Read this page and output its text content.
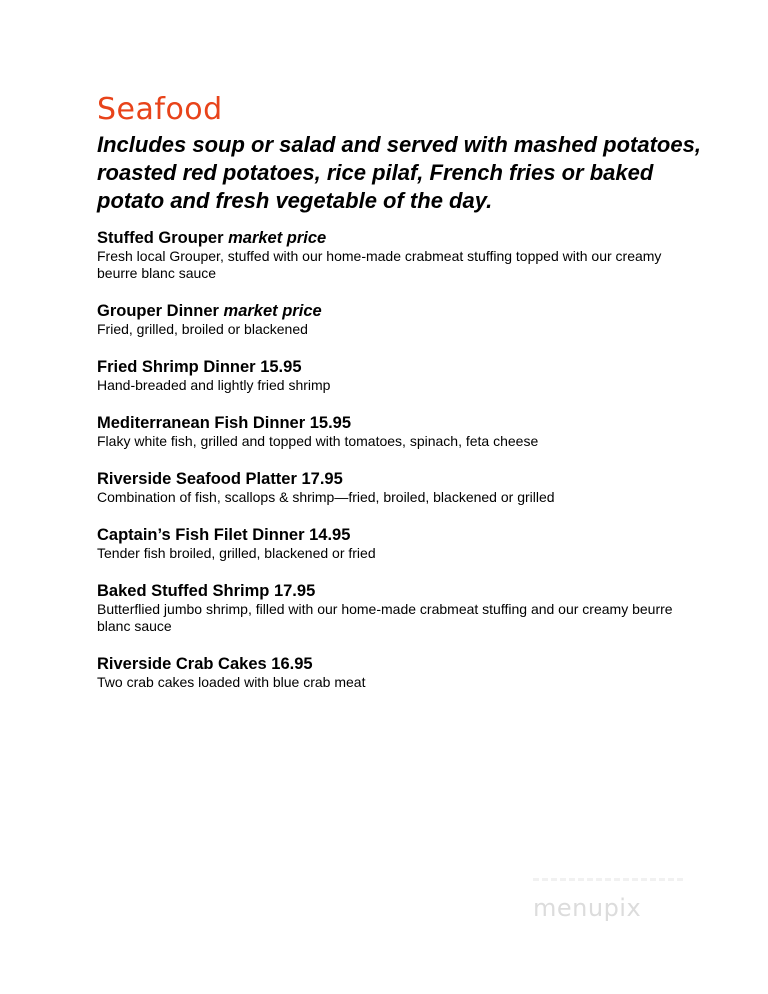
Seafood

Includes soup or salad and served with mashed potatoes, roasted red potatoes, rice pilaf, French fries or baked potato and fresh vegetable of the day.

Stuffed Grouper market price
Fresh local Grouper, stuffed with our home-made crabmeat stuffing topped with our creamy beurre blanc sauce
Grouper Dinner market price
Fried, grilled, broiled or blackened
Fried Shrimp Dinner 15.95
Hand-breaded and lightly fried shrimp
Mediterranean Fish Dinner 15.95
Flaky white fish, grilled and topped with tomatoes, spinach, feta cheese
Riverside Seafood Platter 17.95
Combination of fish, scallops & shrimp—fried, broiled, blackened or grilled
Captain’s Fish Filet Dinner 14.95
Tender fish broiled, grilled, blackened or fried
Baked Stuffed Shrimp 17.95
Butterflied jumbo shrimp, filled with our home-made crabmeat stuffing and our creamy beurre blanc sauce
Riverside Crab Cakes 16.95
Two crab cakes loaded with blue crab meat
menupix
